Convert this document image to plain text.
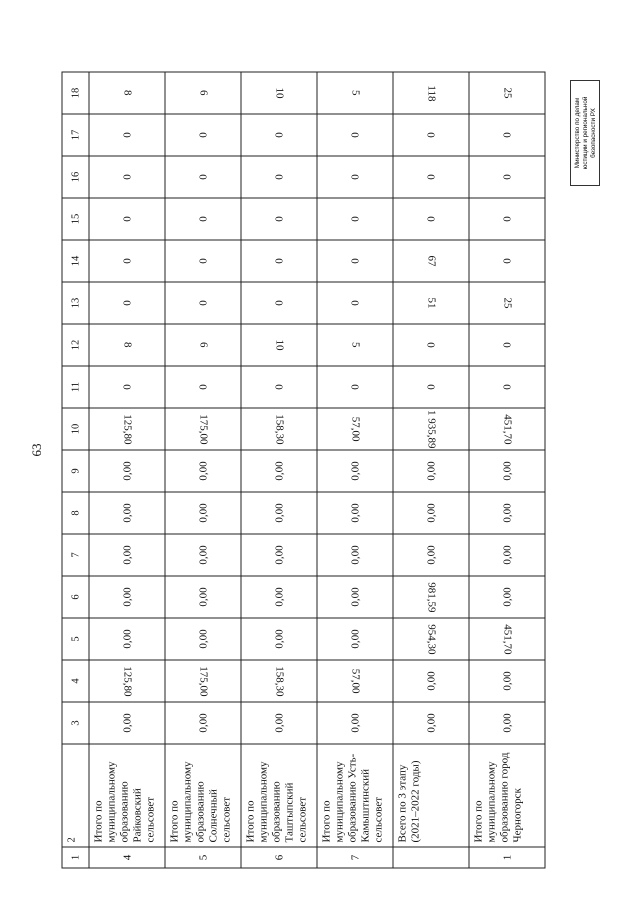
63
Министерство по делам юстиции и региональной безопасности РХ
1	2	3	4	5	6	7	8	9	10	11	12	13	14	15	16	17	18
4	Итого по муниципальному образованию Райковский сельсовет	0,00	125,80	0,00	0,00	0,00	0,00	0,00	125,80	0	8	0	0	0	0	0	8
5	Итого по муниципальному образованию Солнечный сельсовет	0,00	175,00	0,00	0,00	0,00	0,00	0,00	175,00	0	6	0	0	0	0	0	6
6	Итого по муниципальному образованию Таштыпский сельсовет	0,00	158,30	0,00	0,00	0,00	0,00	0,00	158,30	0	10	0	0	0	0	0	10
7	Итого по муниципальному образованию Усть-Камыштинский сельсовет	0,00	57,00	0,00	0,00	0,00	0,00	0,00	57,00	0	5	0	0	0	0	0	5
	Всего по 3 этапу (2021–2022 годы)	0,00	0,00	954,30	981,59	0,00	0,00	0,00	1 935,89	0	0	51	67	0	0	0	118
1	Итого по муниципальному образованию город Черногорск	0,00	0,00	451,70	0,00	0,00	0,00	0,00	451,70	0	0	25	0	0	0	0	25
